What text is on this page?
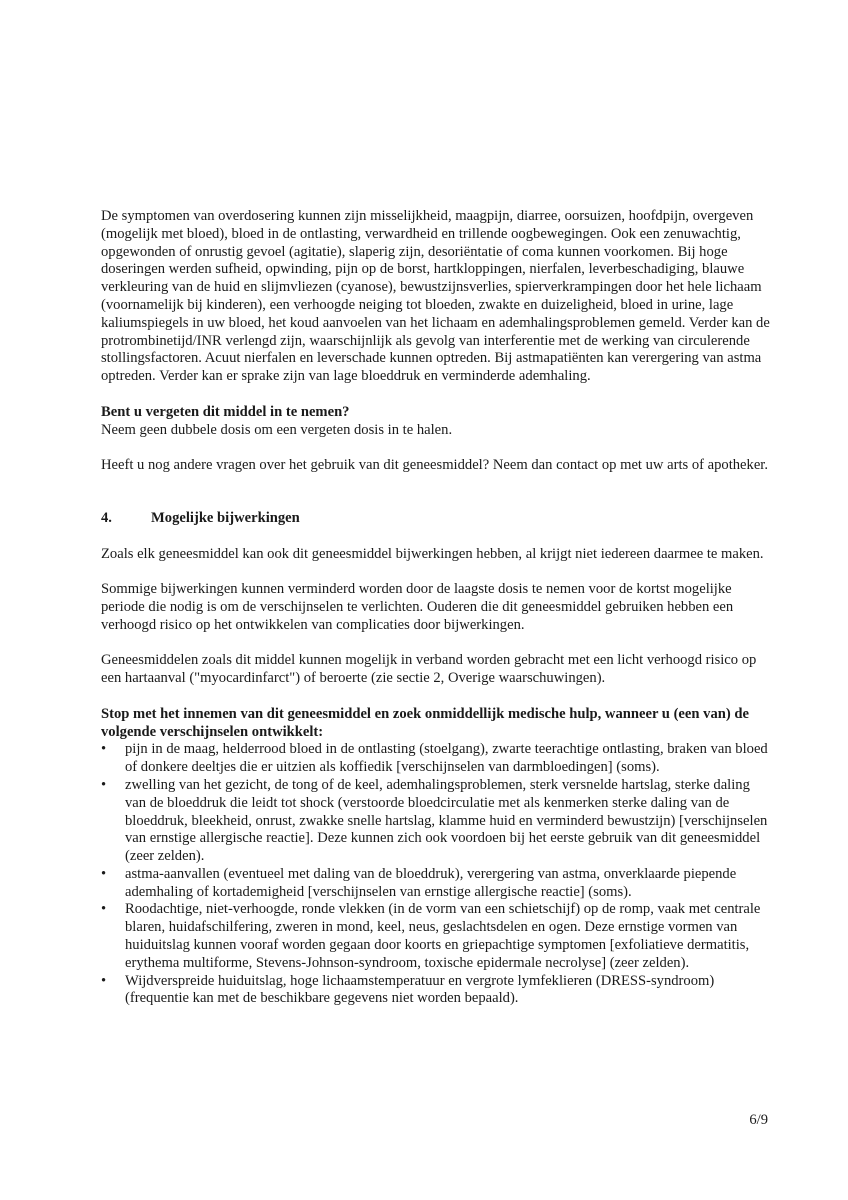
De symptomen van overdosering kunnen zijn misselijkheid, maagpijn, diarree, oorsuizen, hoofdpijn, overgeven (mogelijk met bloed), bloed in de ontlasting, verwardheid en trillende oogbewegingen. Ook een zenuwachtig, opgewonden of onrustig gevoel (agitatie), slaperig zijn, desoriëntatie of coma kunnen voorkomen. Bij hoge doseringen werden sufheid, opwinding, pijn op de borst, hartkloppingen, nierfalen, leverbeschadiging, blauwe verkleuring van de huid en slijmvliezen (cyanose), bewustzijnsverlies, spierverkrampingen door het hele lichaam (voornamelijk bij kinderen), een verhoogde neiging tot bloeden, zwakte en duizeligheid, bloed in urine, lage kaliumspiegels in uw bloed, het koud aanvoelen van het lichaam en ademhalingsproblemen gemeld. Verder kan de protrombinetijd/INR verlengd zijn, waarschijnlijk als gevolg van interferentie met de werking van circulerende stollingsfactoren. Acuut nierfalen en leverschade kunnen optreden. Bij astmapatiënten kan verergering van astma optreden. Verder kan er sprake zijn van lage bloeddruk en verminderde ademhaling.

Bent u vergeten dit middel in te nemen?

Neem geen dubbele dosis om een vergeten dosis in te halen.

Heeft u nog andere vragen over het gebruik van dit geneesmiddel? Neem dan contact op met uw arts of apotheker.

4.	Mogelijke bijwerkingen

Zoals elk geneesmiddel kan ook dit geneesmiddel bijwerkingen hebben, al krijgt niet iedereen daarmee te maken.

Sommige bijwerkingen kunnen verminderd worden door de laagste dosis te nemen voor de kortst mogelijke periode die nodig is om de verschijnselen te verlichten. Ouderen die dit geneesmiddel gebruiken hebben een verhoogd risico op het ontwikkelen van complicaties door bijwerkingen.

Geneesmiddelen zoals dit middel kunnen mogelijk in verband worden gebracht met een licht verhoogd risico op een hartaanval ("myocardinfarct") of beroerte (zie sectie 2, Overige waarschuwingen).

Stop met het innemen van dit geneesmiddel en zoek onmiddellijk medische hulp, wanneer u (een van) de volgende verschijnselen ontwikkelt:

• pijn in de maag, helderrood bloed in de ontlasting (stoelgang), zwarte teerachtige ontlasting, braken van bloed of donkere deeltjes die er uitzien als koffiedik [verschijnselen van darmbloedingen] (soms).
• zwelling van het gezicht, de tong of de keel, ademhalingsproblemen, sterk versnelde hartslag, sterke daling van de bloeddruk die leidt tot shock (verstoorde bloedcirculatie met als kenmerken sterke daling van de bloeddruk, bleekheid, onrust, zwakke snelle hartslag, klamme huid en verminderd bewustzijn) [verschijnselen van ernstige allergische reactie]. Deze kunnen zich ook voordoen bij het eerste gebruik van dit geneesmiddel (zeer zelden).
• astma-aanvallen (eventueel met daling van de bloeddruk), verergering van astma, onverklaarde piepende ademhaling of kortademigheid [verschijnselen van ernstige allergische reactie] (soms).
• Roodachtige, niet-verhoogde, ronde vlekken (in de vorm van een schietschijf) op de romp, vaak met centrale blaren, huidafschilfering, zweren in mond, keel, neus, geslachtsdelen en ogen. Deze ernstige vormen van huiduitslag kunnen vooraf worden gegaan door koorts en griepachtige symptomen [exfoliatieve dermatitis, erythema multiforme, Stevens-Johnson-syndroom, toxische epidermale necrolyse] (zeer zelden).
• Wijdverspreide huiduitslag, hoge lichaamstemperatuur en vergrote lymfeklieren (DRESS-syndroom) (frequentie kan met de beschikbare gegevens niet worden bepaald).
6/9
